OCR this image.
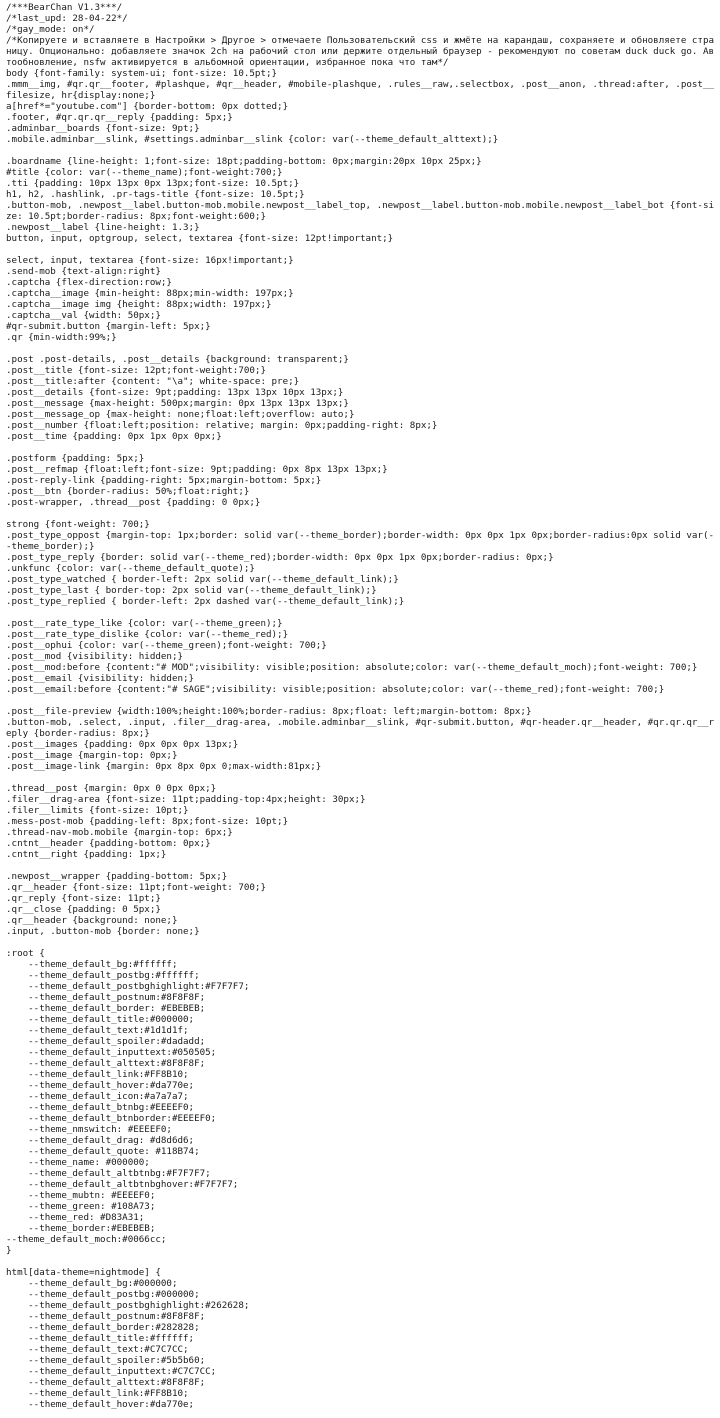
/***BearChan V1.3***/
/*last_upd: 28-04-22*/
/*gay_mode: on*/
/*Копируете и вставляете в Настройки > Другое > отмечаете Пользовательский css и жмёте на карандаш, сохраняете и обновляете страницу. Опционально: добавляете значок 2ch на рабочий стол или держите отдельный браузер - рекомендуют по советам duck duck go. Автообновление, nsfw активируется в альбомной ориентации, избранное пока что там*/
body {font-family: system-ui; font-size: 10.5pt;}
.mmm__img, #qr.qr__footer, #plashque, #qr__header, #mobile-plashque, .rules__raw,.selectbox, .post__anon, .thread:after, .post__filesize, hr{display:none;}
a[href*="youtube.com"] {border-bottom: 0px dotted;}
.footer, #qr.qr.qr__reply {padding: 5px;}
.adminbar__boards {font-size: 9pt;}
.mobile.adminbar__slink, #settings.adminbar__slink {color: var(--theme_default_alttext);}
.boardname {line-height: 1;font-size: 18pt;padding-bottom: 0px;margin:20px 10px 25px;}
#title {color: var(--theme_name);font-weight:700;}
.tti {padding: 10px 13px 0px 13px;font-size: 10.5pt;}
h1, h2, .hashlink, .pr-tags-title {font-size: 10.5pt;}
.button-mob, .newpost__label.button-mob.mobile.newpost__label_top, .newpost__label.button-mob.mobile.newpost__label_bot {font-size: 10.5pt;border-radius: 8px;font-weight:600;}
.newpost__label {line-height: 1.3;}
button, input, optgroup, select, textarea {font-size: 12pt!important;}
select, input, textarea {font-size: 16px!important;}
.send-mob {text-align:right}
.captcha {flex-direction:row;}
.captcha__image {min-height: 88px;min-width: 197px;}
.captcha__image img {height: 88px;width: 197px;}
.captcha__val {width: 50px;}
#qr-submit.button {margin-left: 5px;}
.qr {min-width:99%;}
.post .post-details, .post__details {background: transparent;}
.post__title {font-size: 12pt;font-weight:700;}
.post__title:after {content: "\a"; white-space: pre;}
.post__details {font-size: 9pt;padding: 13px 13px 10px 13px;}
.post__message {max-height: 500px;margin: 0px 13px 13px 13px;}
.post__message_op {max-height: none;float:left;overflow: auto;}
.post__number {float:left;position: relative; margin: 0px;padding-right: 8px;}
.post__time {padding: 0px 1px 0px 0px;}
.postform {padding: 5px;}
.post__refmap {float:left;font-size: 9pt;padding: 0px 8px 13px 13px;}
.post-reply-link {padding-right: 5px;margin-bottom: 5px;}
.post__btn {border-radius: 50%;float:right;}
.post-wrapper, .thread__post {padding: 0 0px;}
strong {font-weight: 700;}
.post_type_oppost {margin-top: 1px;border: solid var(--theme_border);border-width: 0px 0px 1px 0px;border-radius:0px solid var(--theme_border);}
.post_type_reply {border: solid var(--theme_red);border-width: 0px 0px 1px 0px;border-radius: 0px;}
.unkfunc {color: var(--theme_default_quote);}
.post_type_watched { border-left: 2px solid var(--theme_default_link);}
.post_type_last { border-top: 2px solid var(--theme_default_link);}
.post_type_replied { border-left: 2px dashed var(--theme_default_link);}
.post__rate_type_like {color: var(--theme_green);}
.post__rate_type_dislike {color: var(--theme_red);}
.post__ophui {color: var(--theme_green);font-weight: 700;}
.post__mod {visibility: hidden;}
.post__mod:before {content:"# MOD";visibility: visible;position: absolute;color: var(--theme_default_moch);font-weight: 700;}
.post__email {visibility: hidden;}
.post__email:before {content:"# SAGE";visibility: visible;position: absolute;color: var(--theme_red);font-weight: 700;}
.post__file-preview {width:100%;height:100%;border-radius: 8px;float: left;margin-bottom: 8px;}
.button-mob, .select, .input, .filer__drag-area, .mobile.adminbar__slink, #qr-submit.button, #qr-header.qr__header, #qr.qr.qr__reply {border-radius: 8px;}
.post__images {padding: 0px 0px 0px 13px;}
.post__image {margin-top: 0px;}
.post__image-link {margin: 0px 8px 0px 0;max-width:81px;}
.thread__post {margin: 0px 0 0px 0px;}
.filer__drag-area {font-size: 11pt;padding-top:4px;height: 30px;}
.filer__limits {font-size: 10pt;}
.mess-post-mob {padding-left: 8px;font-size: 10pt;}
.thread-nav-mob.mobile {margin-top: 6px;}
.cntnt__header {padding-bottom: 0px;}
.cntnt__right {padding: 1px;}
.newpost__wrapper {padding-bottom: 5px;}
.qr__header {font-size: 11pt;font-weight: 700;}
.qr_reply {font-size: 11pt;}
.qr__close {padding: 0 5px;}
.qr__header {background: none;}
.input, .button-mob {border: none;}
:root {
--theme_default_bg:#ffffff;
--theme_default_postbg:#ffffff;
--theme_default_postbghighlight:#F7F7F7;
--theme_default_postnum:#8F8F8F;
--theme_default_border: #EBEBEB;
--theme_default_title:#000000;
--theme_default_text:#1d1d1f;
--theme_default_spoiler:#dadadd;
--theme_default_inputtext:#050505;
--theme_default_alttext:#8F8F8F;
--theme_default_link:#FF8B10;
--theme_default_hover:#da770e;
--theme_default_icon:#a7a7a7;
--theme_default_btnbg:#EEEEF0;
--theme_default_btnborder:#EEEEF0;
--theme_nmswitch: #EEEEF0;
--theme_default_drag: #d8d6d6;
--theme_default_quote: #118B74;
--theme_name: #000000;
--theme_default_altbtnbg:#F7F7F7;
--theme_default_altbtnbghover:#F7F7F7;
--theme_mubtn: #EEEEF0;
--theme_green: #108A73;
--theme_red: #D83A31;
--theme_border:#EBEBEB;
--theme_default_moch:#0066cc;
}
html[data-theme=nightmode] {
--theme_default_bg:#000000;
--theme_default_postbg:#000000;
--theme_default_postbghighlight:#262628;
--theme_default_postnum:#8F8F8F;
--theme_default_border:#282828;
--theme_default_title:#ffffff;
--theme_default_text:#C7C7CC;
--theme_default_spoiler:#5b5b60;
--theme_default_inputtext:#C7C7CC;
--theme_default_alttext:#8F8F8F;
--theme_default_link:#FF8B10;
--theme_default_hover:#da770e;
